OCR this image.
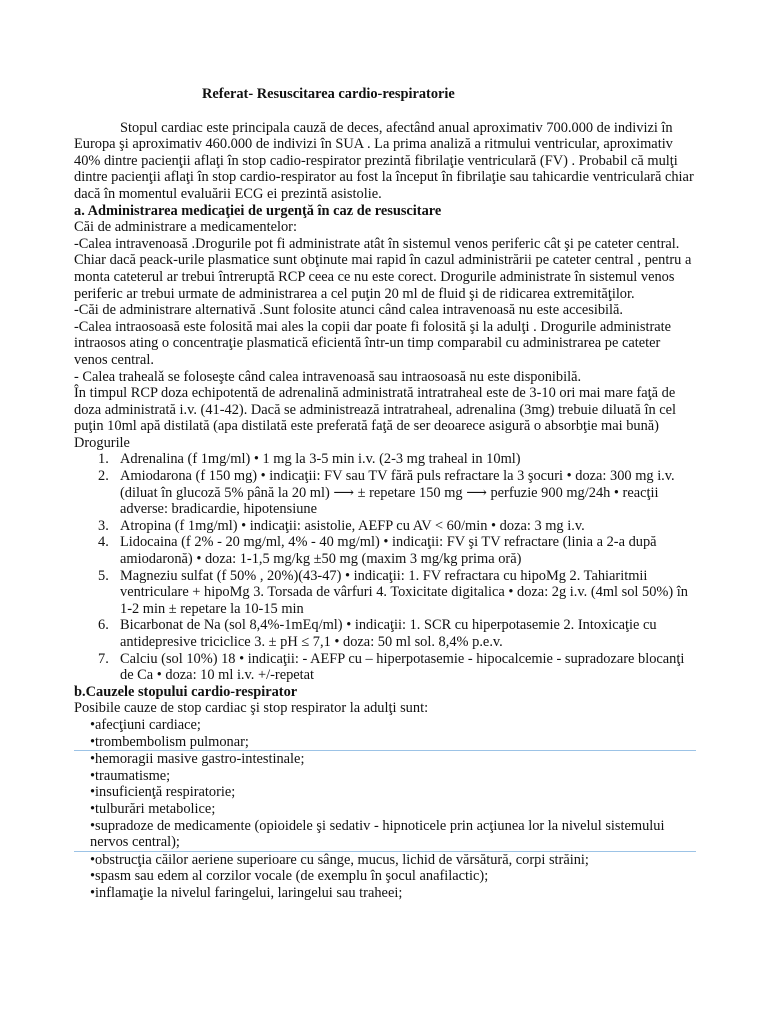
Referat- Resuscitarea cardio-respiratorie

Stopul cardiac este principala cauză de deces, afectând anual aproximativ 700.000 de indivizi în Europa şi aproximativ 460.000 de indivizi în SUA . La prima analiză a ritmului ventricular, aproximativ 40% dintre pacienţii aflaţi în stop cadio-respirator prezintă fibrilaţie ventriculară (FV) . Probabil că mulţi dintre pacienţii aflaţi în stop cardio-respirator au fost la început în fibrilaţie sau tahicardie ventriculară chiar dacă în momentul evaluării ECG ei prezintă asistolie.

a. Administrarea medicaţiei de urgenţă în caz de resuscitare

Căi de administrare a medicamentelor:

-Calea intravenoasă .Drogurile pot fi administrate atât în sistemul venos periferic cât şi pe cateter central. Chiar dacă peack-urile plasmatice sunt obţinute mai rapid în cazul administrării pe cateter central , pentru a monta cateterul ar trebui întreruptă RCP ceea ce nu este corect. Drogurile administrate în sistemul venos periferic ar trebui urmate de administrarea a cel puţin 20 ml de fluid şi de ridicarea extremităţilor.

-Căi de administrare alternativă .Sunt folosite atunci când calea intravenoasă nu este accesibilă.

-Calea intraosoasă este folosită mai ales la copii dar poate fi folosită şi la adulţi . Drogurile administrate intraosos ating o concentraţie plasmatică eficientă într-un timp comparabil cu administrarea pe cateter venos central.

- Calea trahealǎ se foloseşte când calea intravenoasă sau intraosoasă nu este disponibilă.

În timpul RCP doza echipotentă de adrenalină administrată intratraheal este de 3-10 ori mai mare faţă de doza administrată i.v. (41-42). Dacă se administrează intratraheal, adrenalina (3mg) trebuie diluată în cel puţin 10ml apă distilată (apa distilată este preferată faţă de ser deoarece asigură o absorbţie mai bună)

Drogurile

1. Adrenalina (f 1mg/ml) • 1 mg la 3-5 min i.v. (2-3 mg traheal in 10ml)
2. Amiodarona (f 150 mg) • indicaţii: FV sau TV fără puls refractare la 3 şocuri • doza: 300 mg i.v. (diluat în glucoză 5% până la 20 ml) ⟶ ± repetare 150 mg ⟶ perfuzie 900 mg/24h • reacţii adverse: bradicardie, hipotensiune
3. Atropina (f 1mg/ml) • indicaţii: asistolie, AEFP cu AV < 60/min • doza: 3 mg i.v.
4. Lidocaina (f 2% - 20 mg/ml, 4% - 40 mg/ml) • indicaţii: FV şi TV refractare (linia a 2-a după amiodaronă) • doza: 1-1,5 mg/kg ±50 mg (maxim 3 mg/kg prima oră)
5. Magneziu sulfat (f 50% , 20%)(43-47) • indicaţii: 1. FV refractara cu hipoMg 2. Tahiaritmii ventriculare + hipoMg 3. Torsada de vârfuri 4. Toxicitate digitalica • doza: 2g i.v. (4ml sol 50%) în 1-2 min ± repetare la 10-15 min
6. Bicarbonat de Na (sol 8,4%-1mEq/ml) • indicaţii: 1. SCR cu hiperpotasemie 2. Intoxicaţie cu antidepresive triciclice 3. ± pH ≤ 7,1 • doza: 50 ml sol. 8,4% p.e.v.
7. Calciu (sol 10%) 18 • indicaţii: - AEFP cu – hiperpotasemie - hipocalcemie - supradozare blocanţi de Ca • doza: 10 ml i.v. +/-repetat

b.Cauzele stopului cardio-respirator

Posibile cauze de stop cardiac şi stop respirator la adulţi sunt:

•afecţiuni cardiace;

•trombembolism pulmonar;

•hemoragii masive gastro-intestinale;

•traumatisme;

•insuficienţă respiratorie;

•tulburări metabolice;

•supradoze de medicamente (opioidele şi sedativ - hipnoticele prin acţiunea lor la nivelul sistemului nervos central);

•obstrucţia căilor aeriene superioare cu sânge, mucus, lichid de vărsătură, corpi străini;

•spasm sau edem al corzilor vocale (de exemplu în şocul anafilactic);

•inflamaţie la nivelul faringelui, laringelui sau traheei;
